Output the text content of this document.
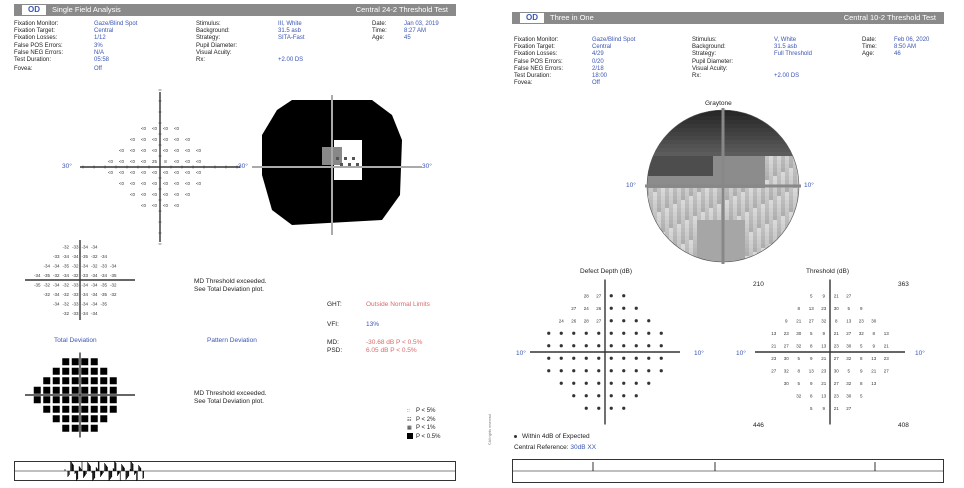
OD	Single Field Analysis	Central 24-2 Threshold Test
Fixation Monitor:	Gaze/Blind Spot
Fixation Target:	Central
Fixation Losses:	1/12
False POS Errors:	3%
False NEG Errors:	N/A
Test Duration:	05:58
Fovea:	Off
Stimulus:	III, White
Background:	31.5 asb
Strategy:	SITA-Fast
Pupil Diameter:
Visual Acuity:
Rx:	+2.00 DS
Date:	Jan 03, 2019
Time:	8:27 AM
Age:	45
<0 <0 <0 <0
<0 <0 <0 <0 <0 <0
<0 <0 <0 <0 <0 <0 <0 <0
<0 <0 <0 <0 25 8 <0 <0 <0
<0 <0 <0 <0 <0 <0 <0 <0 <0
<0 <0 <0 <0 <0 <0 <0 <0
<0 <0 <0 <0 <0 <0
<0 <0 <0 <0
30°	30°	30°
-32 -33 -34 -34
-33 -34 -34 -35 -32 -34
-34 -34 -35 -32 -34 -32 -33 -34
-34 -35 -32 -34 -32 -33 -34 -34 -35
-35 -32 -34 -32 -33 -34 -34 -35 -32
-32 -34 -32 -33 -34 -34 -35 -32
-34 -32 -33 -34 -34 -35
-32 -33 -34 -34
Total Deviation	Pattern Deviation
MD Threshold exceeded.
See Total Deviation plot.
MD Threshold exceeded.
See Total Deviation plot.
GHT:	Outside Normal Limits
VFI:	13%
MD:	-30.68 dB P < 0.5%
PSD:	6.05 dB P < 0.5%
:: P < 5%
☷ P < 2%
▦ P < 1%
P < 0.5%
OD	Three in One	Central 10-2 Threshold Test
Fixation Monitor:	Gaze/Blind Spot
Fixation Target:	Central
Fixation Losses:	4/29
False POS Errors:	0/20
False NEG Errors:	2/18
Test Duration:	18:00
Fovea:	Off
Stimulus:	V, White
Background:	31.5 asb
Strategy:	Full Threshold
Pupil Diameter:
Visual Acuity:
Rx:	+2.00 DS
Date:	Feb 06, 2020
Time:	8:50 AM
Age:	46
Graytone
10°	10°
Defect Depth (dB)	Threshold (dB)
28 27
27 24 26
24 26 28 27
5 9 21 27
8 13 23 30 5 9
9 21 27 32 8 13 23 30
13 23 30 5 9 21 27 32 8 13
21 27 32 8 13 23 30 5 9 21
23 30 5 9 21 27 32 8 13 23
27 32 8 13 23 30 5 9 21 27
30 5 9 21 27 32 8 13
32 8 13 23 30 5
5 9 21 27
10°	10°	10°	10°
210	363
446	408
Within 4dB of Expected
Central Reference: 30dB XX
©All rights reserved
